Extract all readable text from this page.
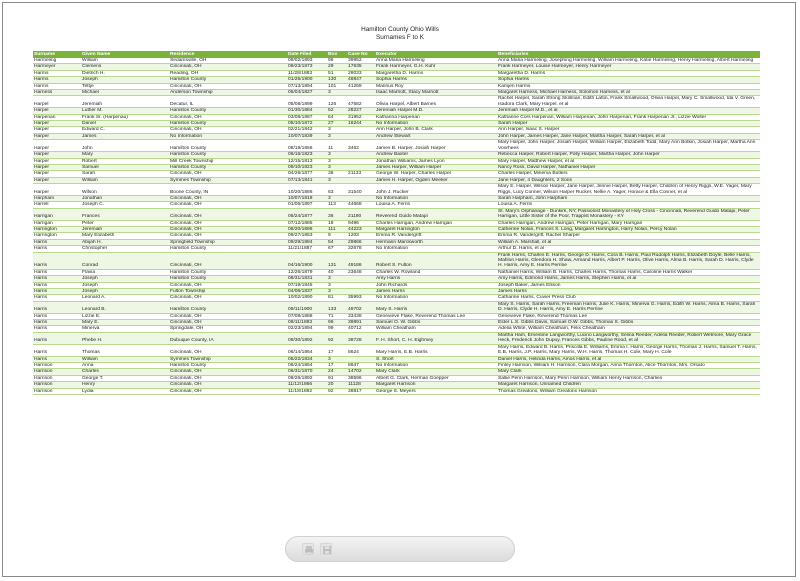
Hamilton County Ohio Wills
Surnames F to K
Surname	Given Name	Residence	Date Filed	Box	Case No	Executor	Beneficiaries
Harmeling	William	Sedamsville, OH	09/02/1893	96	39952	Anna Maria Harmeling	Anna Maria Harmeling, Josephing Harmeling, William Harmeling, Katie Harmeling, Henry Harmeling, Albert Harmeling
Harmeyer	Clemens	Cincinnati, OH	09/23/1873	29	17635	Frank Harmeyer, G.H. Kuhr	Frank Harmeyer, Louise Harmeyer, Henry Harmeyer
Harms	Dietrich H.	Reading, OH	11/28/1883	51	28033	Margaretha D. Harms	Margaretha D. Harms
Harms	Joseph	Hamilton County	01/25/1900	130	48847	Sophia Harms	Sophia Harms
Harms	Tettje	Cincinnati, OH	07/13/1894	101	41269	Marinus Roy	Kamjen Harms
Harness	Michael	Anderson Township	05/04/1827	3		Isaac Marriott, Stacy Marriott	Margaret Harness, Michael Harness, Solomon Harness, et al
Harpel	Jeremiah	Decatur, IL	05/08/1899	126	47682	Olivia Harpel, Albert Barnes	Rachel Harpel, Sarah Strong Skillman, Edith Lattin, Frank Smallwood, Olivia Harpel, Mary C. Smallwood, Ida V. Green, Isadora Clark, Mary Harpel, et al
Harpel	Luther M.	Hamilton County	01/30/1884	52	28227	Jeremiah Harpel M.D.	Jeremiah Harpel M.D., et al
Harpenan	Frank Sr. (Harpenau)	Cincinnati, OH	03/08/1887	64	31952	Katharina Harpenan	Katharine Cors Harpenan, William Harpenan, John Harpenan, Frank Harpenan Jr., Lizzie Wolter
Harper	Daniel	Hamilton County	05/10/1872	27	16244	No Information	Sarah Harper
Harper	Edward C.	Cincinnati, OH	02/21/1842	3		Ann Harper, John B. Clark	Ann Harper, Isaac S. Harper
Harper	James	No Information	10/07/1839	3		Andrew Stewart	John Harper, James Harper, Jane Harper, Martha Harper, Sarah Harper, et al
Harper	John	Hamilton County	08/19/1856	11	3462	James B. Harper, Josiah Harper	Mary Harper, John Harper, Josiah Harper, William Harper, Elizabeth Todd, Mary Ann Botkin, Josiah Harper, Martha Ann Voorhees
Harper	Mary	Hamilton County	06/16/1823	3		Andrew Baxter	Rebecca Harper, Robert Harper, Polly Harper, Martha Harper, John Harper
Harper	Robert	Mill Creek Township	12/15/1813	3		Jonathan Williams, James Lyon	Mary Harper, Matthew Harper, et al
Harper	Samuel	Hamilton County	09/10/1823	3		James Harper, William Harper	Nancy Ross, David Harper, Nathaniel Harper
Harper	Sarah	Cincinnati, OH	04/26/1877	36	21133	George W. Harper, Charles Harper	Charles Harper, Minerva Butlers
Harper	William	Symmes Township	07/13/1841	3		James H. Harper, Ogden Meeker	Jane Harper, 4 Daughters, 2 Sons
Harper	Wilson	Boone County, IN	10/20/1886	63	31540	John J. Rucker	Mary E. Harper, Wilson Harper, Jane Harper, Jennie Harper, Betty Harper, Children of Henry Riggs, W.E. Yager, Mary Riggs, Lucy Conner, Wilson Harper Rucker, Nellie A. Yager, Horace & Ella Conner, et al
Harpham	Jonathan	Cincinnati, OH	10/07/1818	3		No Information	Sarah Harpham, John Harpham
Harrell	Joseph C.	Cincinnati, OH	01/06/1897	113	44668	Louisa A. Ferris	Louisa A. Ferris
Harrigan	Frances	Cincinnati, OH	05/24/1877	36	21190	Reverend Guido Matapi	St. Mary's Orphanage - Dunkirk, NY, Passionist Monastery of Holy Cross - Cincinnati, Reverend Guido Matapi, Peter Harrigan, Little Sister of the Poor, Trappist Monastery - KY
Harrigan	Peter	Cincinnati, OH	07/12/1885	18	9496	Charles Harrigan, Andrew Harrigan	Charles Harrigan, Andrew Harrigan, Peter Harrigan, Mary Harrigan
Harrington	Jeremiah	Cincinnati, OH	08/20/1896	111	44223	Margaret Harrington	Catherine Nolan, Frances S. Long, Margaret Harrington, Harry Nolan, Percy Nolan
Harrington	Mary Elizabeth	Cincinnati, OH	09/27/1853	9	1203	Emma R. Vandergrift	Emma R. Vandergrift, Rachel Sharper
Harris	Abijah H.	Springfield Township	09/29/1884	54	29866	Hermann Marckworth	William A. Marshall, et al
Harris	Christopher	Hamilton County	11/21/1887	67	32678	No Information	Arthur D. Harris, et al
Harris	Conrad	Cincinnati, OH	04/16/1900	131	49186	Robert S. Fulton	Frank Harris, Charles E. Harris, George D. Harris, Cora B. Harris, Paul Rudolph Harris, Elizabeth Doyle, Belle Harris, Mahlon Harris, Glendora H. Shaw, Armand Harris, Albert P. Harris, Olive Harris, Alma B. Harris, Sarah D. Harris, Clyde H. Harris, Amy E. Harris Perrine
Harris	Flavia	Hamilton County	12/26/1879	40	23648	Charles W. Rowland	Nathaniel Harris, William B. Harris, Charles Harris, Thomas Harris, Caroline Harris Walker
Harris	Joseph	Hamilton County	08/31/1831	3		Amy Harris	Amy Harris, Edmond Harris, James Harris, Stephen Harris, et al
Harris	Joseph	Cincinnati, OH	07/19/1845	3		John Richards	Joseph Baker, James Ellison
Harris	Joseph	Fulton Township	04/06/1837	3		James Harris	James Harris
Harris	Leonard A.	Cincinnati, OH	10/02/1890	81	35993	No Information	Catharine Harris, Cuvier Press Club
Harris	Leonard B.	Hamilton County	09/11/1900	133	49702	Mary S. Harris	Mary S. Harris, Sarah Harris, Freeman Harris, Julie K. Harris, Minerva G. Harris, Edith W. Harris, Alma B. Harris, Sarah D. Harris, Clyde H. Harris, Amy E. Harris Perrine
Harris	Lizzie E.	Cincinnati, OH	07/08/1888	71	33438	Genevieve Flake, Reverend Thomas Lee	Genevieve Flake, Reverend Thomas Lee
Harris	Mary E.	Cincinnati, OH	08/11/1893	96	39891	Samuel O. W. Gibbs	Ester L.S. Gibbs Davis, Samuel O.W. Gibbs, Thomas S. Gibbs
Harris	Minerva	Springdale, OH	02/23/1894	99	40712	William Cheatham	Adelia White, William Cheatham, Felix Cheatham
Harris	Phebe H.	Dubuque County, IA	09/30/1892	92	38728	F. H. Short, C. H. Eighmey	Martha Ham, Ernestine Langworthy, Lucino Langworthy, Selina Reeder, Adelia Reeder, Robert Wetmore, Mary Grace Heck, Frederick John Dupuy, Frances Gibbs, Pauline Rood, et al
Harris	Thomas	Cincinnati, OH	06/14/1864	17	8624	Mary Harris, E.B. Harris	Mary Harris, Edward B. Harris, Priscilla E. Williams, Emma I. Harris, George Harris, Thomas J. Harris, Samuel T. Harris, E.B. Harris, J.P. Harris, Mary Harris, W.H. Harris, Thomas H. Cole, Mary H. Cole
Harris	William	Symmes Township	05/22/1834	3		S. Short	Daniel Harris, Helinda Harris, Amos Harris, et al
Harrison	Anna	Hamilton County	06/24/1864	17	8647	No Information	Finley Harrison, William H. Harrison, Clara Morgan, Anna Thornton, Alice Thornton, Mrs. Orsato
Harrison	Charles	Cincinnati, OH	06/31/1870	24	14702	Mary Clark	Mary Clark
Harrison	George T.	Cincinnati, OH	08/26/1892	91	38596	Albert G. Clark, Herman Goepper	Sallie Perin Harrison, Mary Perin Harrison, William Henry Harrison, Charlies
Harrison	Henry	Cincinnati, OH	11/12/1866	20	11128	Margaret Harrison	Margaret Harrison, Unnamed Children
Harrison	Lydia	Cincinnati, OH	11/18/1892	92	38817	George S. Meyers	Thomas Greatorix, William Greatorix Harrison
